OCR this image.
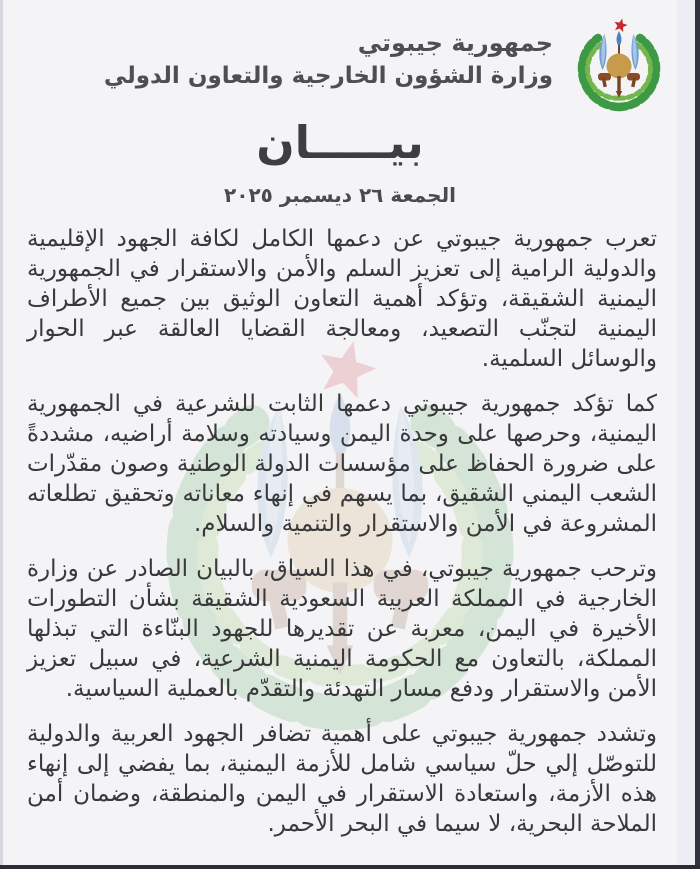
جمهورية جيبوتي
وزارة الشؤون الخارجية والتعاون الدولي
بيـــــان
الجمعة ٢٦ ديسمبر ٢٠٢٥

تعرب جمهورية جيبوتي عن دعمها الكامل لكافة الجهود الإقليمية والدولية الرامية إلى تعزيز السلم والأمن والاستقرار في الجمهورية اليمنية الشقيقة، وتؤكد أهمية التعاون الوثيق بين جميع الأطراف اليمنية لتجنّب التصعيد، ومعالجة القضايا العالقة عبر الحوار والوسائل السلمية.

كما تؤكد جمهورية جيبوتي دعمها الثابت للشرعية في الجمهورية اليمنية، وحرصها على وحدة اليمن وسيادته وسلامة أراضيه، مشددةً على ضرورة الحفاظ على مؤسسات الدولة الوطنية وصون مقدّرات الشعب اليمني الشقيق، بما يسهم في إنهاء معاناته وتحقيق تطلعاته المشروعة في الأمن والاستقرار والتنمية والسلام.

وترحب جمهورية جيبوتي، في هذا السياق، بالبيان الصادر عن وزارة الخارجية في المملكة العربية السعودية الشقيقة بشأن التطورات الأخيرة في اليمن، معربة عن تقديرها للجهود البنّاءة التي تبذلها المملكة، بالتعاون مع الحكومة اليمنية الشرعية، في سبيل تعزيز الأمن والاستقرار ودفع مسار التهدئة والتقدّم بالعملية السياسية.

وتشدد جمهورية جيبوتي على أهمية تضافر الجهود العربية والدولية للتوصّل إلي حلّ سياسي شامل للأزمة اليمنية، بما يفضي إلى إنهاء هذه الأزمة، واستعادة الاستقرار في اليمن والمنطقة، وضمان أمن الملاحة البحرية، لا سيما في البحر الأحمر.
